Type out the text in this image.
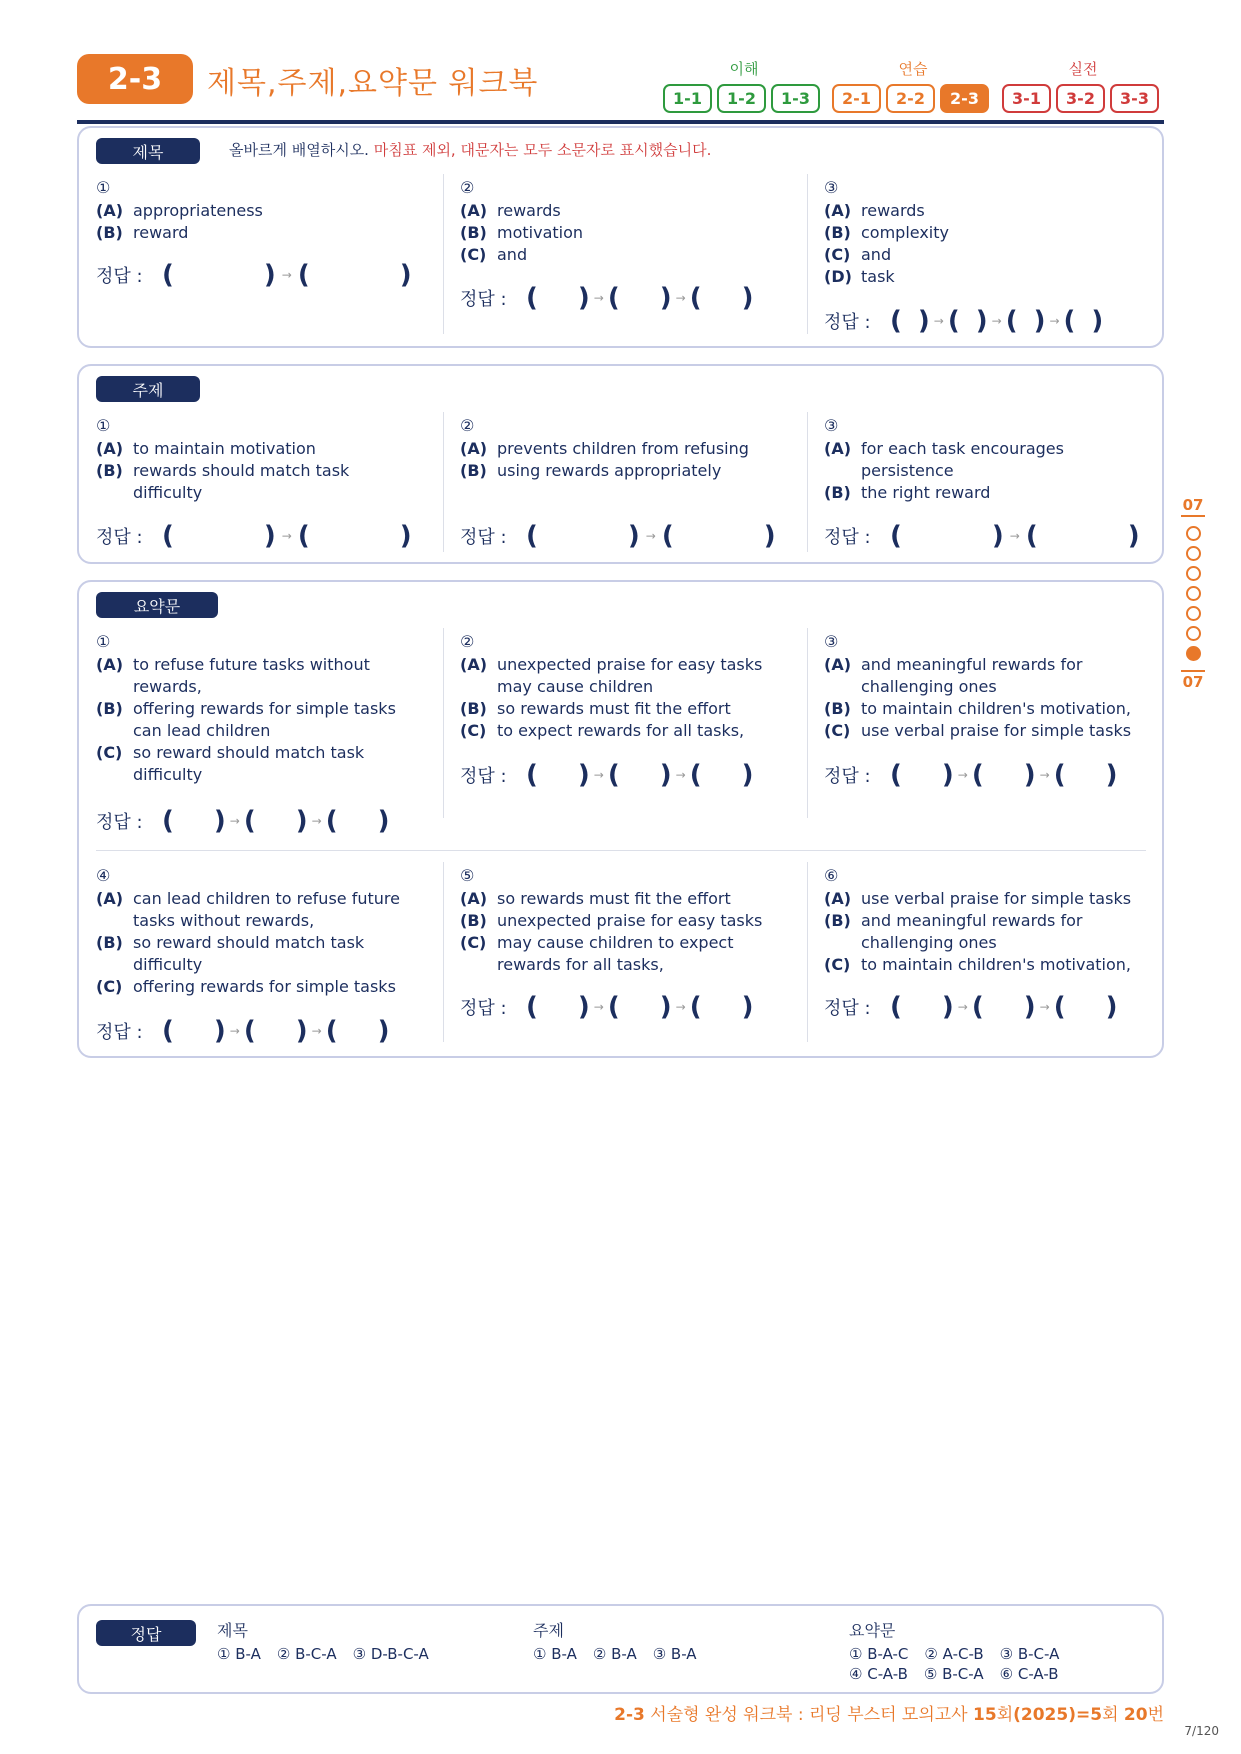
2-3	제목,주제,요약문 워크북	이해
1-1	1-2	1-3
연습
2-1	2-2	2-3
실전
3-1	3-2	3-3
07
07
제목	올바르게 배열하시오. 마침표 제외, 대문자는 모두 소문자로 표시했습니다.
①
(A) appropriateness
(B) reward
정답 : (	) → (	)
②
(A) rewards
(B) motivation
(C) and
정답 : ( ) → ( ) → ( )
③
(A) rewards
(B) complexity
(C) and
(D) task
정답 : ( ) → ( ) → ( ) → ( )
주제
①
(A) to maintain motivation
(B) rewards should match task difficulty
정답 : (	) → (	)
②
(A) prevents children from refusing
(B) using rewards appropriately
정답 : (	) → (	)
③
(A) for each task encourages persistence
(B) the right reward
정답 : (	) → (	)
요약문
①
(A) to refuse future tasks without rewards,
(B) offering rewards for simple tasks can lead children
(C) so reward should match task difficulty
정답 : ( ) → ( ) → ( )
②
(A) unexpected praise for easy tasks may cause children
(B) so rewards must fit the effort
(C) to expect rewards for all tasks,
정답 : ( ) → ( ) → ( )
③
(A) and meaningful rewards for challenging ones
(B) to maintain children's motivation,
(C) use verbal praise for simple tasks
정답 : ( ) → ( ) → ( )
④
(A) can lead children to refuse future tasks without rewards,
(B) so reward should match task difficulty
(C) offering rewards for simple tasks
정답 : ( ) → ( ) → ( )
⑤
(A) so rewards must fit the effort
(B) unexpected praise for easy tasks
(C) may cause children to expect rewards for all tasks,
정답 : ( ) → ( ) → ( )
⑥
(A) use verbal praise for simple tasks
(B) and meaningful rewards for challenging ones
(C) to maintain children's motivation,
정답 : ( ) → ( ) → ( )
정답	제목
① B-A ② B-C-A ③ D-B-C-A
주제
① B-A ② B-A ③ B-A
요약문
① B-A-C ② A-C-B ③ B-C-A
④ C-A-B ⑤ B-C-A ⑥ C-A-B
2-3 서술형 완성 워크북 : 리딩 부스터 모의고사 15회(2025)=5회 20번
7/120
